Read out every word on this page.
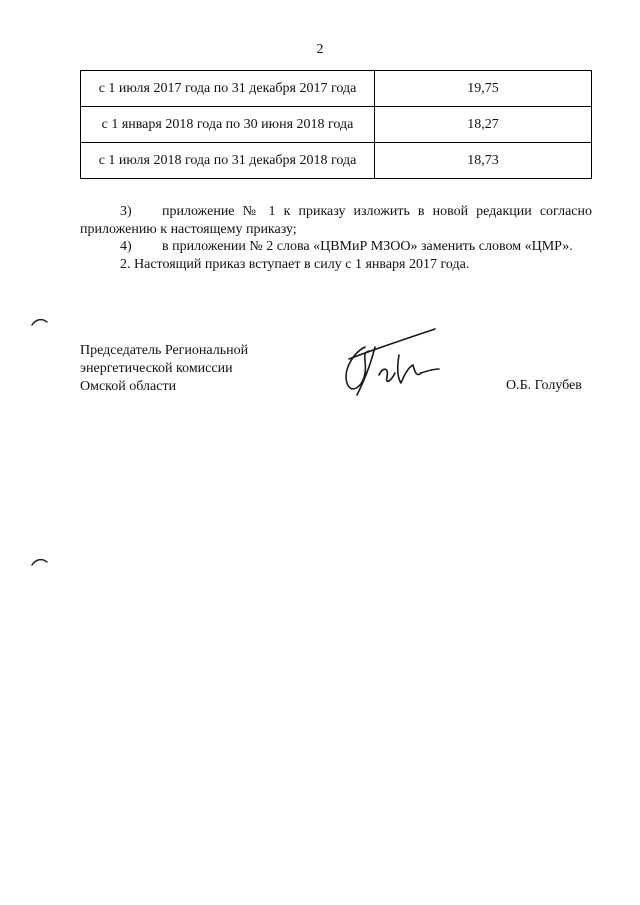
2
с 1 июля 2017 года по 31 декабря 2017 года	19,75
с 1 января 2018 года по 30 июня 2018 года	18,27
с 1 июля 2018 года по 31 декабря 2018 года	18,73

3) приложение № 1 к приказу изложить в новой редакции согласно приложению к настоящему приказу;

4) в приложении № 2 слова «ЦВМиР МЗОО» заменить словом «ЦМР».

2. Настоящий приказ вступает в силу с 1 января 2017 года.

Председатель Региональной
энергетической комиссии
Омской области	О.Б. Голубев
